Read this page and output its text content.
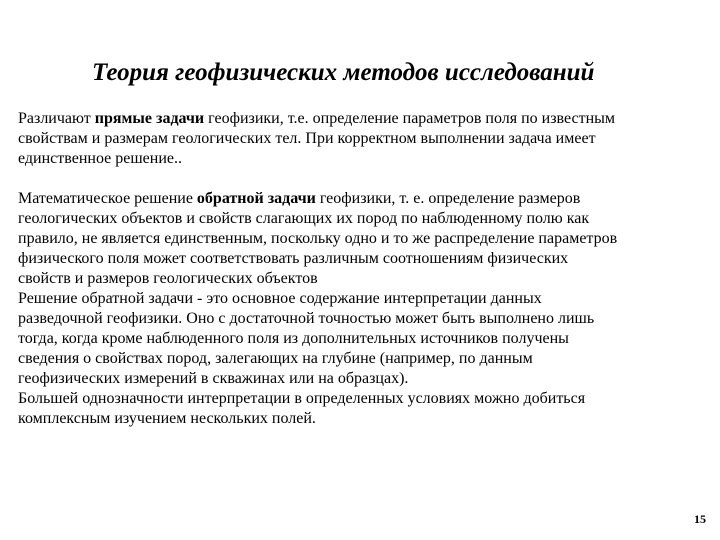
Теория геофизических методов исследований
Различают прямые задачи геофизики, т.е. определение параметров поля по известным
свойствам и размерам геологических тел. При корректном выполнении задача имеет
единственное решение..
Математическое решение обратной задачи геофизики, т. е. определение размеров
геологических объектов и свойств слагающих их пород по наблюденному полю как
правило, не является единственным, поскольку одно и то же распределение параметров
физического поля может соответствовать различным соотношениям физических
свойств и размеров геологических объектов
Решение обратной задачи - это основное содержание интерпретации данных
разведочной геофизики. Оно с достаточной точностью может быть выполнено лишь
тогда, когда кроме наблюденного поля из дополнительных источников получены
сведения о свойствах пород, залегающих на глубине (например, по данным
геофизических измерений в скважинах или на образцах).
Большей однозначности интерпретации в определенных условиях можно добиться
комплексным изучением нескольких полей.
15
